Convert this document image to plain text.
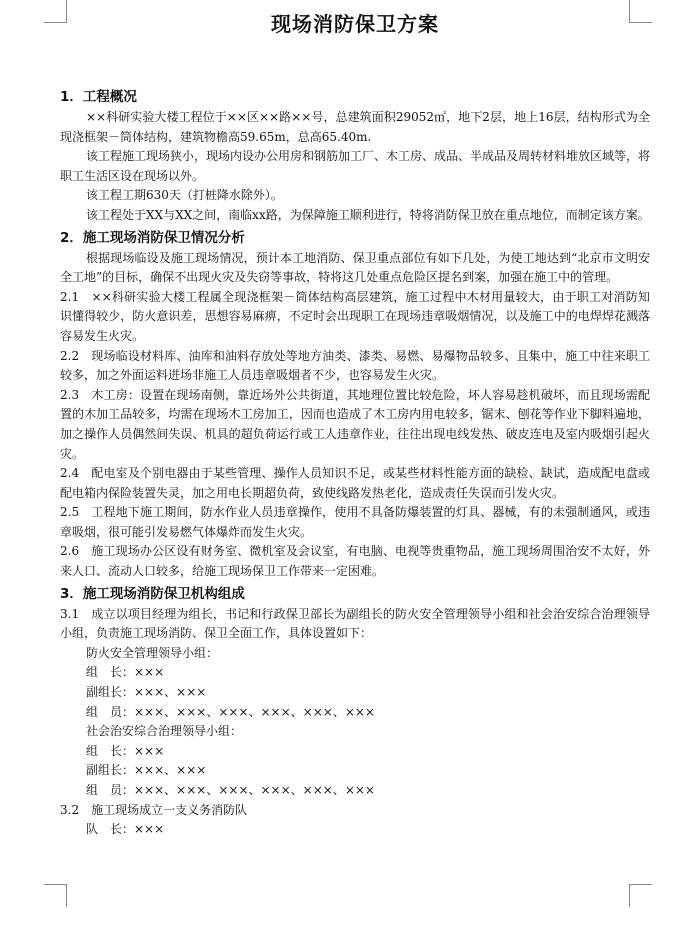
现场消防保卫方案
1．工程概况

××科研实验大楼工程位于××区××路××号，总建筑面积29052㎡，地下2层，地上16层，结构形式为全现浇框架－筒体结构，建筑物檐高59.65m，总高65.40m.

该工程施工现场狭小，现场内设办公用房和钢筋加工厂、木工房、成品、半成品及周转材料堆放区域等，将职工生活区设在现场以外。

该工程工期630天（打桩降水除外）。

该工程处于XX与XX之间，南临xx路，为保障施工顺利进行，特将消防保卫放在重点地位，而制定该方案。

2．施工现场消防保卫情况分析

根据现场临设及施工现场情况，预计本工地消防、保卫重点部位有如下几处，为使工地达到“北京市文明安全工地”的目标，确保不出现火灾及失窃等事故，特将这几处重点危险区提名到案，加强在施工中的管理。

2.1　××科研实验大楼工程属全现浇框架－筒体结构高层建筑，施工过程中木材用量较大，由于职工对消防知识懂得较少，防火意识差，思想容易麻痹，不定时会出现职工在现场违章吸烟情况，以及施工中的电焊焊花溅落容易发生火灾。

2.2　现场临设材料库、油库和油料存放处等地方油类、漆类、易燃、易爆物品较多、且集中，施工中往来职工较多，加之外面运料进场非施工人员违章吸烟者不少，也容易发生火灾。

2.3　木工房：设置在现场南侧，靠近场外公共街道，其地理位置比较危险，坏人容易趁机破坏，而且现场需配置的木加工品较多，均需在现场木工房加工，因而也造成了木工房内用电较多，锯末、刨花等作业下脚料遍地，加之操作人员偶然间失误、机具的超负荷运行或工人违章作业，往往出现电线发热、破皮连电及室内吸烟引起火灾。

2.4　配电室及个别电器由于某些管理、操作人员知识不足，或某些材料性能方面的缺检、缺试，造成配电盘或配电箱内保险装置失灵，加之用电长期超负荷，致使线路发热老化，造成责任失误而引发火灾。

2.5　工程地下施工期间，防水作业人员违章操作，使用不具备防爆装置的灯具、器械，有的未强制通风，或违章吸烟，很可能引发易燃气体爆炸而发生火灾。

2.6　施工现场办公区设有财务室、微机室及会议室，有电脑、电视等贵重物品，施工现场周围治安不太好，外来人口、流动人口较多，给施工现场保卫工作带来一定困难。

3．施工现场消防保卫机构组成

3.1　成立以项目经理为组长，书记和行政保卫部长为副组长的防火安全管理领导小组和社会治安综合治理领导小组，负责施工现场消防、保卫全面工作，具体设置如下：

防火安全管理领导小组：

组　长：×××

副组长：×××、×××

组　员：×××、×××、×××、×××、×××、×××

社会治安综合治理领导小组：

组　长：×××

副组长：×××、×××

组　员：×××、×××、×××、×××、×××、×××

3.2　施工现场成立一支义务消防队

队　长：×××
